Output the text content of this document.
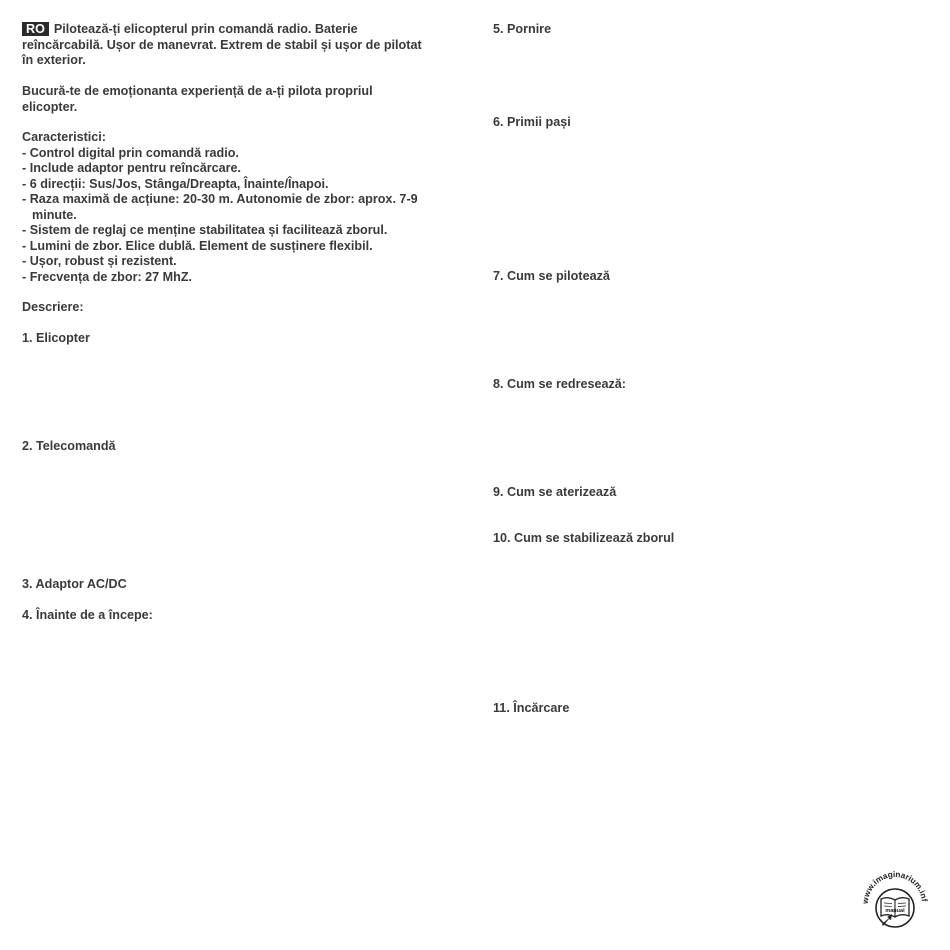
RO Pilotează-ți elicopterul prin comandă radio. Baterie
reîncărcabilă. Ușor de manevrat. Extrem de stabil și ușor de pilotat
în exterior.
Bucură-te de emoționanta experiență de a-ți pilota propriul
elicopter.
Caracteristici:
- Control digital prin comandă radio.
- Include adaptor pentru reîncărcare.
- 6 direcții: Sus/Jos, Stânga/Dreapta, Înainte/Înapoi.
- Raza maximă de acțiune: 20-30 m. Autonomie de zbor: aprox. 7-9
minute.
- Sistem de reglaj ce menține stabilitatea și facilitează zborul.
- Lumini de zbor. Elice dublă. Element de susținere flexibil.
- Ușor, robust și rezistent.
- Frecvența de zbor: 27 MhZ.
Descriere:
1. Elicopter
2. Telecomandă
3. Adaptor AC/DC
4. Înainte de a începe:
5. Pornire
6. Primii pași
7. Cum se pilotează
8. Cum se redresează:
9. Cum se aterizează
10. Cum se stabilizează zborul
11. Încărcare
www.imaginarium.inf
manual
